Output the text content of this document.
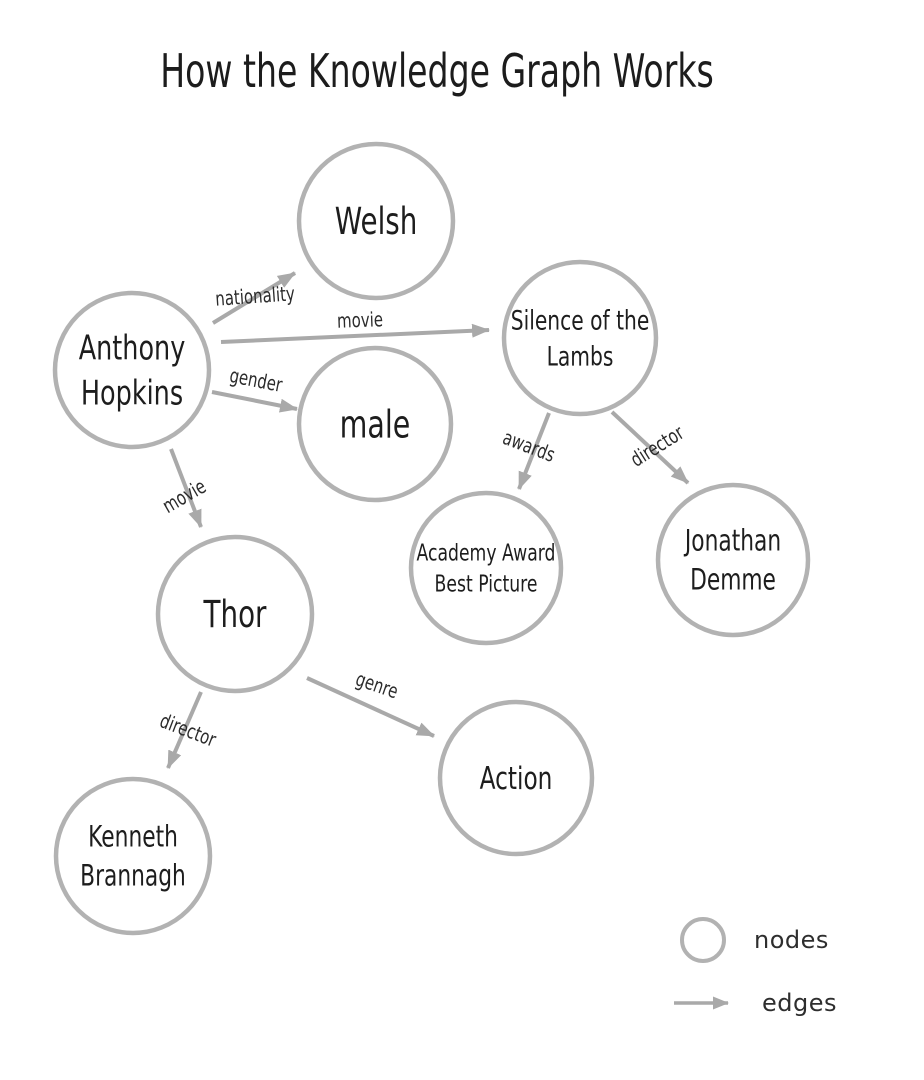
How the Knowledge Graph Works
nationality
movie
gender
movie
awards	director
director
genre
Welsh
Anthony
Hopkins
Silence of the
Lambs
male
Academy Award
Best Picture
Jonathan
Demme
Thor
Action
Kenneth
Brannagh
nodes
edges
